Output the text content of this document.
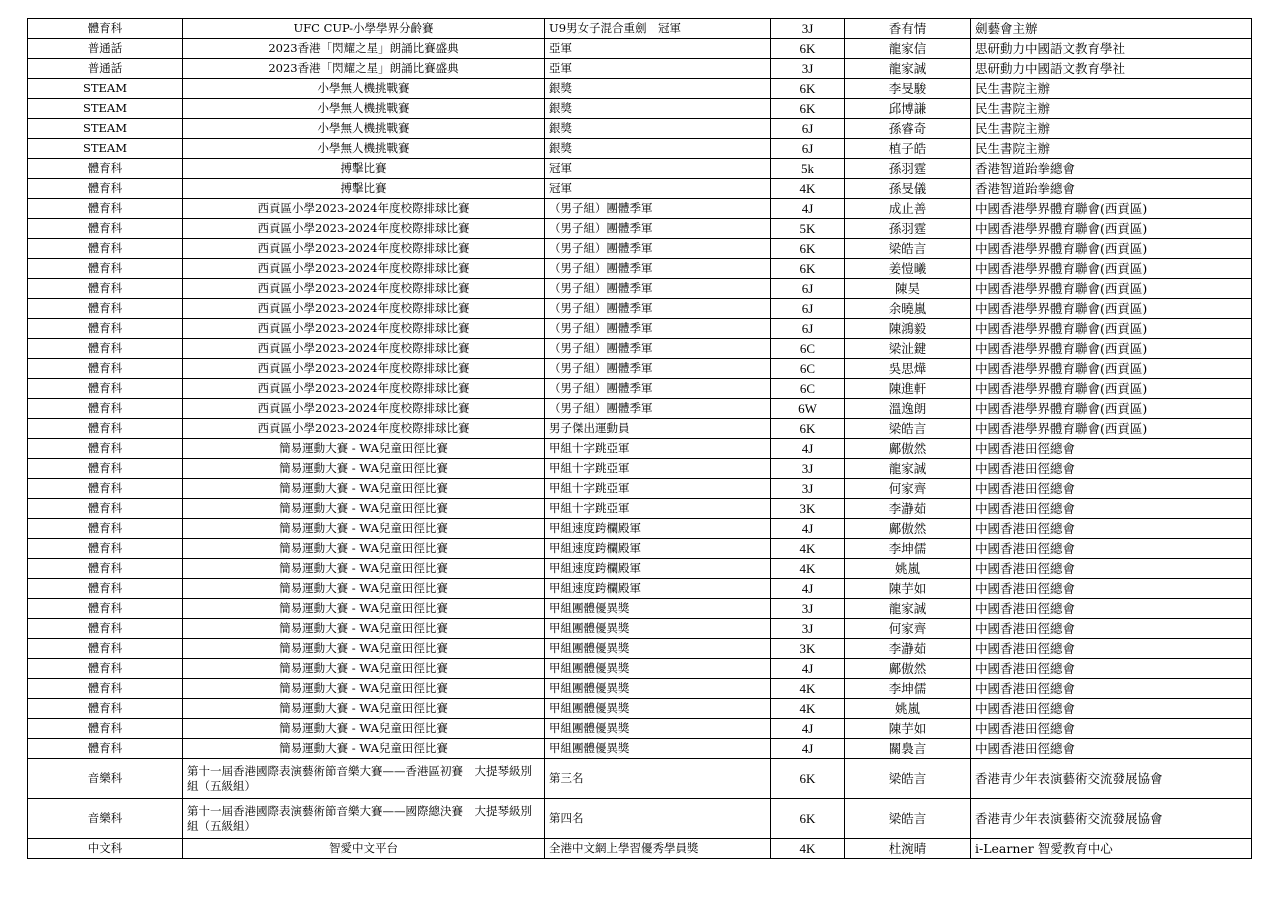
體育科	UFC CUP-小學學界分齡賽	U9男女子混合重劍　冠軍	3J	香有情	劍藝會主辦
普通話	2023香港「閃耀之星」朗誦比賽盛典	亞軍	6K	龍家信	思研動力中國語文教育學社
普通話	2023香港「閃耀之星」朗誦比賽盛典	亞軍	3J	龍家誠	思研動力中國語文教育學社
STEAM	小學無人機挑戰賽	銀獎	6K	李旻駿	民生書院主辦
STEAM	小學無人機挑戰賽	銀獎	6K	邱博謙	民生書院主辦
STEAM	小學無人機挑戰賽	銀獎	6J	孫睿奇	民生書院主辦
STEAM	小學無人機挑戰賽	銀獎	6J	植子皓	民生書院主辦
體育科	搏擊比賽	冠軍	5k	孫羽霆	香港智道跆拳總會
體育科	搏擊比賽	冠軍	4K	孫旻儀	香港智道跆拳總會
體育科	西貢區小學2023-2024年度校際排球比賽	（男子組）團體季軍	4J	成止善	中國香港學界體育聯會(西貢區)
體育科	西貢區小學2023-2024年度校際排球比賽	（男子組）團體季軍	5K	孫羽霆	中國香港學界體育聯會(西貢區)
體育科	西貢區小學2023-2024年度校際排球比賽	（男子組）團體季軍	6K	梁皓言	中國香港學界體育聯會(西貢區)
體育科	西貢區小學2023-2024年度校際排球比賽	（男子組）團體季軍	6K	姜愷曦	中國香港學界體育聯會(西貢區)
體育科	西貢區小學2023-2024年度校際排球比賽	（男子組）團體季軍	6J	陳昊	中國香港學界體育聯會(西貢區)
體育科	西貢區小學2023-2024年度校際排球比賽	（男子組）團體季軍	6J	余曉嵐	中國香港學界體育聯會(西貢區)
體育科	西貢區小學2023-2024年度校際排球比賽	（男子組）團體季軍	6J	陳鴻毅	中國香港學界體育聯會(西貢區)
體育科	西貢區小學2023-2024年度校際排球比賽	（男子組）團體季軍	6C	梁沚鍵	中國香港學界體育聯會(西貢區)
體育科	西貢區小學2023-2024年度校際排球比賽	（男子組）團體季軍	6C	吳思燁	中國香港學界體育聯會(西貢區)
體育科	西貢區小學2023-2024年度校際排球比賽	（男子組）團體季軍	6C	陳進軒	中國香港學界體育聯會(西貢區)
體育科	西貢區小學2023-2024年度校際排球比賽	（男子組）團體季軍	6W	溫逸朗	中國香港學界體育聯會(西貢區)
體育科	西貢區小學2023-2024年度校際排球比賽	男子傑出運動員	6K	梁皓言	中國香港學界體育聯會(西貢區)
體育科	簡易運動大賽 - WA兒童田徑比賽	甲組十字跳亞軍	4J	鄺傲然	中國香港田徑總會
體育科	簡易運動大賽 - WA兒童田徑比賽	甲組十字跳亞軍	3J	龍家誠	中國香港田徑總會
體育科	簡易運動大賽 - WA兒童田徑比賽	甲組十字跳亞軍	3J	何家齊	中國香港田徑總會
體育科	簡易運動大賽 - WA兒童田徑比賽	甲組十字跳亞軍	3K	李瀞茹	中國香港田徑總會
體育科	簡易運動大賽 - WA兒童田徑比賽	甲組速度跨欄殿軍	4J	鄺傲然	中國香港田徑總會
體育科	簡易運動大賽 - WA兒童田徑比賽	甲組速度跨欄殿軍	4K	李坤儒	中國香港田徑總會
體育科	簡易運動大賽 - WA兒童田徑比賽	甲組速度跨欄殿軍	4K	姚嵐	中國香港田徑總會
體育科	簡易運動大賽 - WA兒童田徑比賽	甲組速度跨欄殿軍	4J	陳芋如	中國香港田徑總會
體育科	簡易運動大賽 - WA兒童田徑比賽	甲組團體優異獎	3J	龍家誠	中國香港田徑總會
體育科	簡易運動大賽 - WA兒童田徑比賽	甲組團體優異獎	3J	何家齊	中國香港田徑總會
體育科	簡易運動大賽 - WA兒童田徑比賽	甲組團體優異獎	3K	李瀞茹	中國香港田徑總會
體育科	簡易運動大賽 - WA兒童田徑比賽	甲組團體優異獎	4J	鄺傲然	中國香港田徑總會
體育科	簡易運動大賽 - WA兒童田徑比賽	甲組團體優異獎	4K	李坤儒	中國香港田徑總會
體育科	簡易運動大賽 - WA兒童田徑比賽	甲組團體優異獎	4K	姚嵐	中國香港田徑總會
體育科	簡易運動大賽 - WA兒童田徑比賽	甲組團體優異獎	4J	陳芋如	中國香港田徑總會
體育科	簡易運動大賽 - WA兒童田徑比賽	甲組團體優異獎	4J	關裊言	中國香港田徑總會
音樂科	第十一屆香港國際表演藝術節音樂大賽——香港區初賽　大提琴級別組（五級組）	第三名	6K	梁皓言	香港青少年表演藝術交流發展協會
音樂科	第十一屆香港國際表演藝術節音樂大賽——國際總決賽　大提琴級別組（五級組）	第四名	6K	梁皓言	香港青少年表演藝術交流發展協會
中文科	智愛中文平台	全港中文網上學習優秀學員獎	4K	杜涴晴	i-Learner 智愛教育中心
